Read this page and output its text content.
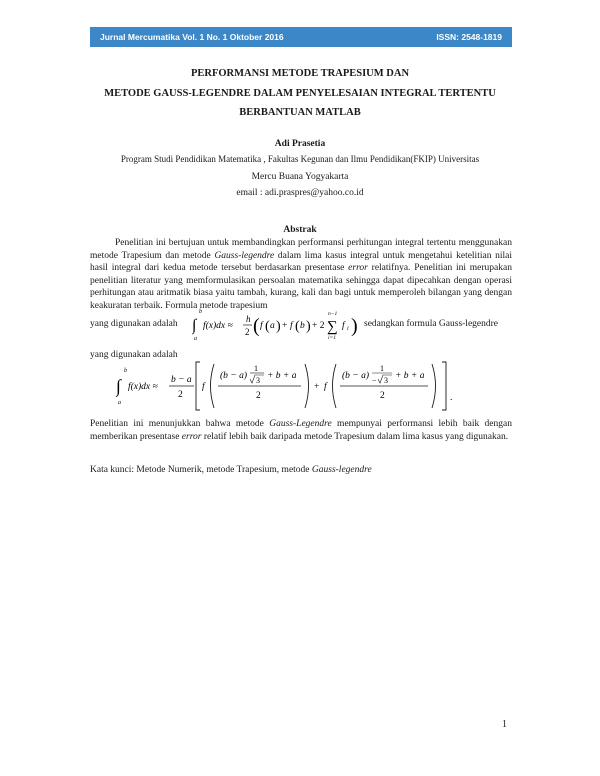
Jurnal Mercumatika Vol. 1 No. 1 Oktober 2016	ISSN: 2548-1819
PERFORMANSI METODE TRAPESIUM DAN
METODE GAUSS-LEGENDRE DALAM PENYELESAIAN INTEGRAL TERTENTU
BERBANTUAN MATLAB
Adi Prasetia
Program Studi Pendidikan Matematika , Fakultas Kegunan dan Ilmu Pendidikan(FKIP) Universitas
Mercu Buana Yogyakarta
email : adi.praspres@yahoo.co.id
Abstrak
Penelitian ini bertujuan untuk membandingkan performansi perhitungan integral tertentu menggunakan metode Trapesium dan metode Gauss-legendre dalam lima kasus integral untuk mengetahui ketelitian nilai hasil integral dari kedua metode tersebut berdasarkan presentase error relatifnya. Penelitian ini merupakan penelitian literatur yang memformulasikan persoalan matematika sehingga dapat dipecahkan dengan operasi perhitungan atau aritmatik biasa yaitu tambah, kurang, kali dan bagi untuk memperoleh bilangan yang dengan keakuratan terbaik. Formula metode trapesium
yang digunakan adalah ∫
b
a
f(x)dx ≈
h
2 ( f ( a ) + f ( b ) + 2 ∑
n−1
i=1
f i ) sedangkan formula Gauss-legendre
yang digunakan adalah
∫
b
a
f(x)dx ≈
b − a
2
f
(b − a)
1
3 + b + a
2
+ f
(b − a)
1
− 3 + b + a
2	.
Penelitian ini menunjukkan bahwa metode Gauss-Legendre mempunyai performansi lebih baik dengan memberikan presentase error relatif lebih baik daripada metode Trapesium dalam lima kasus yang digunakan.
Kata kunci: Metode Numerik, metode Trapesium, metode Gauss-legendre
1
